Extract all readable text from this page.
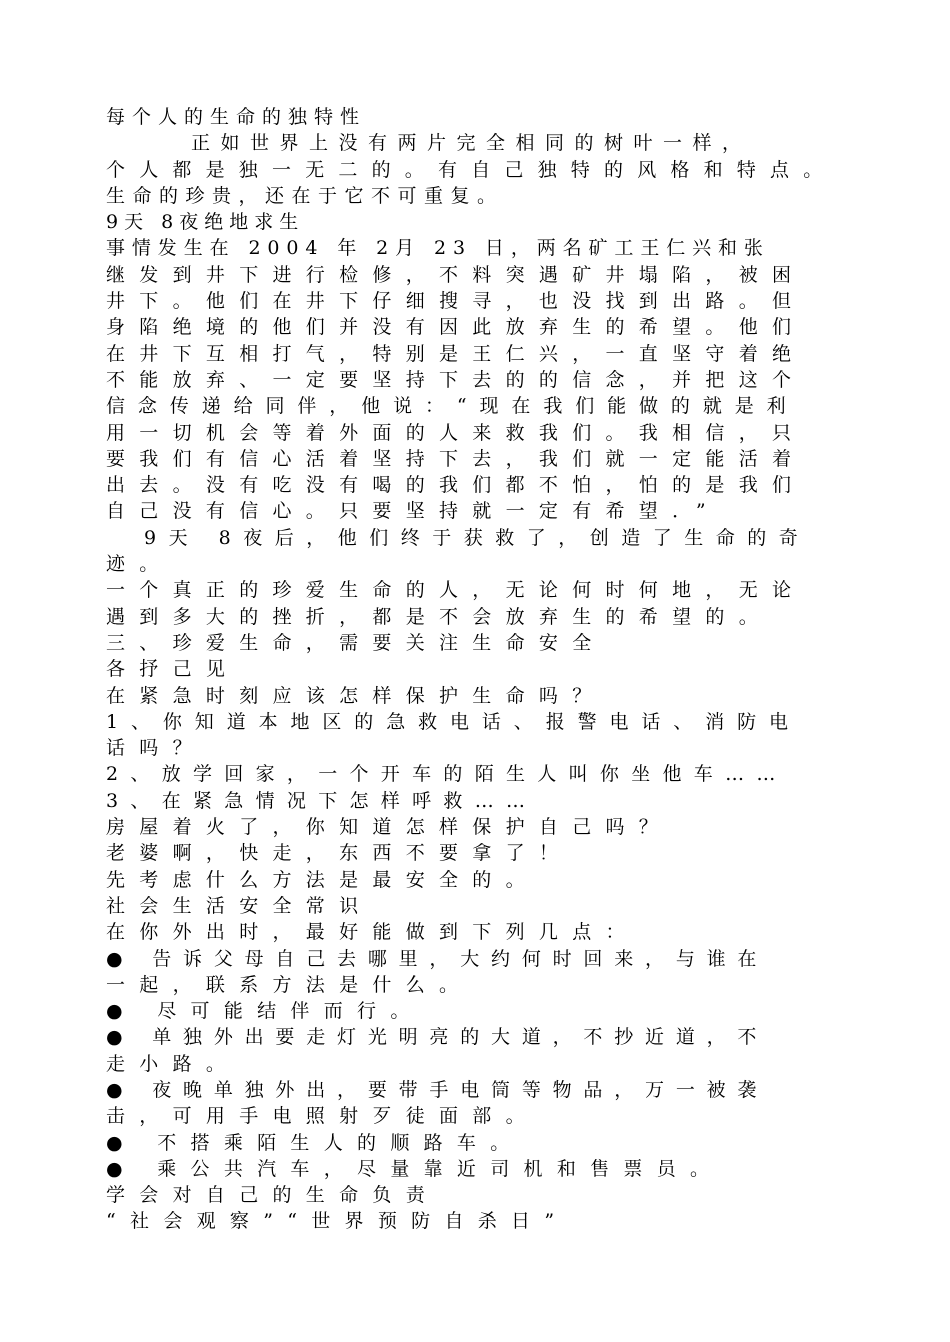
每个人的生命的独特性
正如世界上没有两片完全相同的树叶一样，
个人都是独一无二的。有自己独特的风格和特点。
生命的珍贵，还在于它不可重复。
9天 8夜绝地求生
事情发生在 2004 年 2月 23 日，两名矿工王仁兴和张
继发到井下进行检修，不料突遇矿井塌陷，被困
井下。他们在井下仔细搜寻，也没找到出路。但
身陷绝境的他们并没有因此放弃生的希望。他们
在井下互相打气，特别是王仁兴，一直坚守着绝
不能放弃、一定要坚持下去的的信念，并把这个
信念传递给同伴，他说：“现在我们能做的就是利
用一切机会等着外面的人来救我们。我相信，只
要我们有信心活着坚持下去，我们就一定能活着
出去。没有吃没有喝的我们都不怕，怕的是我们
自己没有信心。只要坚持就一定有希望．”
9天 8夜后，他们终于获救了，创造了生命的奇
迹。
一个真正的珍爱生命的人，无论何时何地，无论
遇到多大的挫折，都是不会放弃生的希望的。
三、珍爱生命，需要关注生命安全
各抒己见
在紧急时刻应该怎样保护生命吗？
1、你知道本地区的急救电话、报警电话、消防电
话吗？
2、放学回家，一个开车的陌生人叫你坐他车……
3、在紧急情况下怎样呼救……
房屋着火了，你知道怎样保护自己吗？
老婆啊，快走，东西不要拿了！
先考虑什么方法是最安全的。
社会生活安全常识
在你外出时，最好能做到下列几点：
● 告诉父母自己去哪里，大约何时回来，与谁在
一起，联系方法是什么。
● 尽可能结伴而行。
● 单独外出要走灯光明亮的大道，不抄近道，不
走小路。
● 夜晚单独外出，要带手电筒等物品，万一被袭
击，可用手电照射歹徒面部。
● 不搭乘陌生人的顺路车。
● 乘公共汽车，尽量靠近司机和售票员。
学会对自己的生命负责
“社会观察”“世界预防自杀日”
